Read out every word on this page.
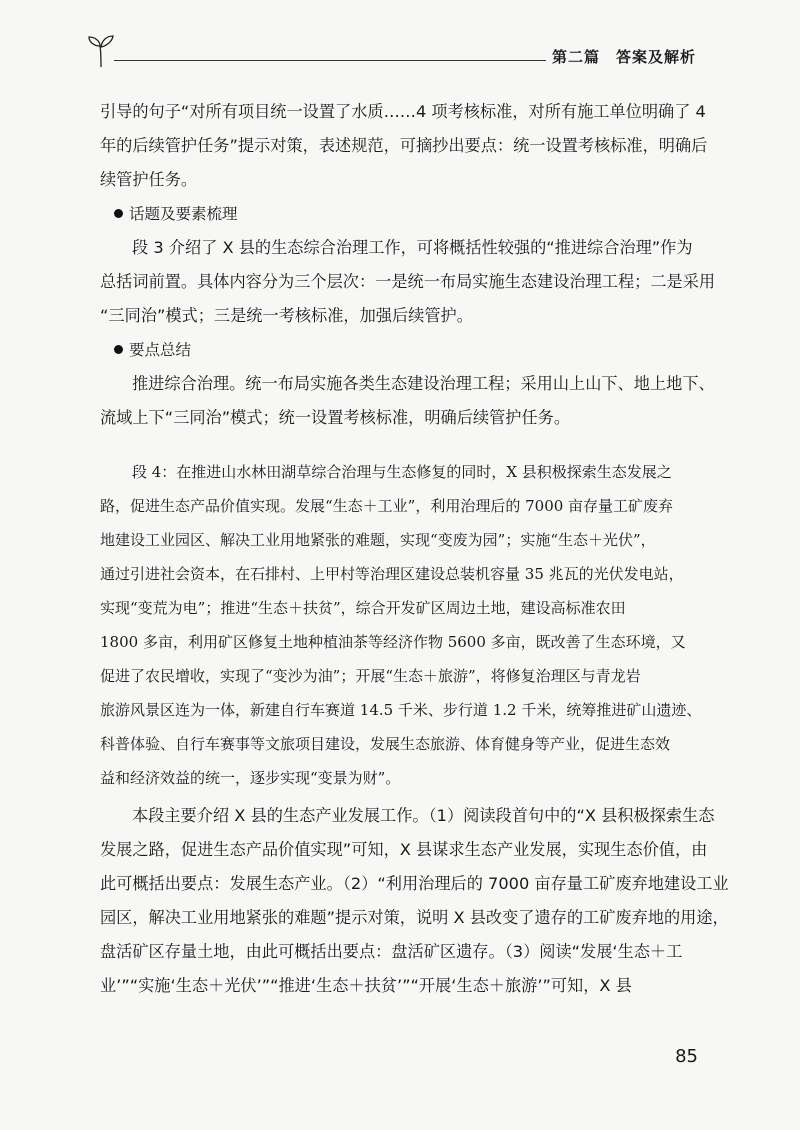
第二篇　答案及解析

引导的句子“对所有项目统一设置了水质……4 项考核标准，对所有施工单位明确了 4
年的后续管护任务”提示对策，表述规范，可摘抄出要点：统一设置考核标准，明确后
续管护任务。

话题及要素梳理

段 3 介绍了 X 县的生态综合治理工作，可将概括性较强的“推进综合治理”作为
总括词前置。具体内容分为三个层次：一是统一布局实施生态建设治理工程；二是采用
“三同治”模式；三是统一考核标准，加强后续管护。

要点总结

推进综合治理。统一布局实施各类生态建设治理工程；采用山上山下、地上地下、
流域上下“三同治”模式；统一设置考核标准，明确后续管护任务。

段 4：在推进山水林田湖草综合治理与生态修复的同时，X 县积极探索生态发展之
路，促进生态产品价值实现。发展“生态＋工业”，利用治理后的 7000 亩存量工矿废弃
地建设工业园区、解决工业用地紧张的难题，实现“变废为园”；实施“生态＋光伏”，
通过引进社会资本，在石排村、上甲村等治理区建设总装机容量 35 兆瓦的光伏发电站，
实现“变荒为电”；推进“生态＋扶贫”，综合开发矿区周边土地，建设高标准农田
1800 多亩，利用矿区修复土地种植油茶等经济作物 5600 多亩，既改善了生态环境，又
促进了农民增收，实现了“变沙为油”；开展“生态＋旅游”，将修复治理区与青龙岩
旅游风景区连为一体，新建自行车赛道 14.5 千米、步行道 1.2 千米，统筹推进矿山遗迹、
科普体验、自行车赛事等文旅项目建设，发展生态旅游、体育健身等产业，促进生态效
益和经济效益的统一，逐步实现“变景为财”。

本段主要介绍 X 县的生态产业发展工作。（1）阅读段首句中的“X 县积极探索生态
发展之路，促进生态产品价值实现”可知，X 县谋求生态产业发展，实现生态价值，由
此可概括出要点：发展生态产业。（2）“利用治理后的 7000 亩存量工矿废弃地建设工业
园区，解决工业用地紧张的难题”提示对策，说明 X 县改变了遗存的工矿废弃地的用途，
盘活矿区存量土地，由此可概括出要点：盘活矿区遗存。（3）阅读“发展‘生态＋工
业’”“实施‘生态＋光伏’”“推进‘生态＋扶贫’”“开展‘生态＋旅游’”可知，X 县

85
